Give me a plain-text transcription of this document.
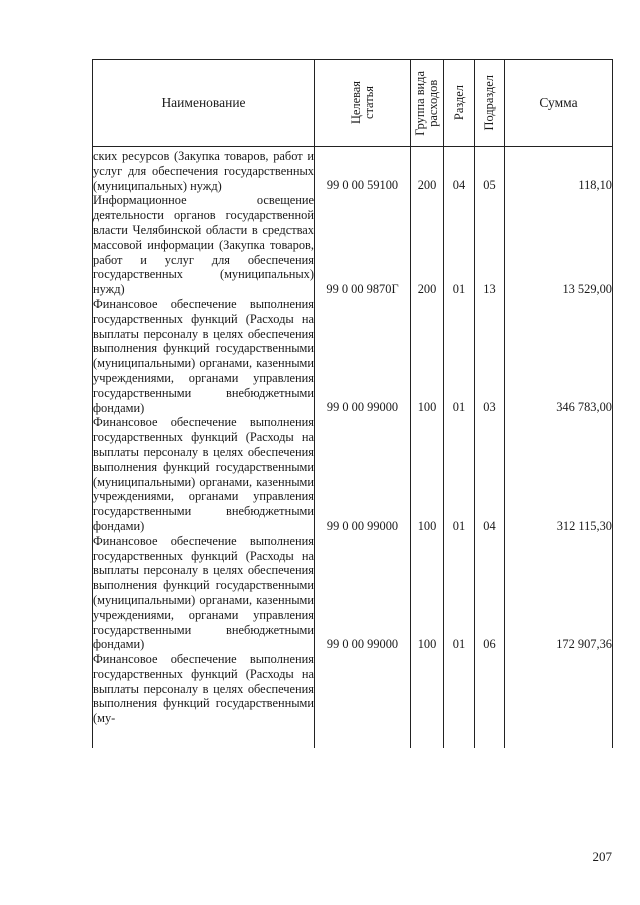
Наименование	Целевая статья	Группа вида расходов	Раздел	Подраздел	Сумма

ских ресурсов (Закупка товаров, работ и услуг для обеспечения государственных (муниципальных) нужд)	99 0 00 59100	200	04	05	118,10

Информационное освещение деятельности органов государственной власти Челябинской области в средствах массовой информации (Закупка товаров, работ и услуг для обеспечения государственных (муниципальных) нужд)	99 0 00 9870Г	200	01	13	13 529,00

Финансовое обеспечение выполнения государственных функций (Расходы на выплаты персоналу в целях обеспечения выполнения функций государственными (муниципальными) органами, казенными учреждениями, органами управления государственными внебюджетными фондами)	99 0 00 99000	100	01	03	346 783,00

Финансовое обеспечение выполнения государственных функций (Расходы на выплаты персоналу в целях обеспечения выполнения функций государственными (муниципальными) органами, казенными учреждениями, органами управления государственными внебюджетными фондами)	99 0 00 99000	100	01	04	312 115,30

Финансовое обеспечение выполнения государственных функций (Расходы на выплаты персоналу в целях обеспечения выполнения функций государственными (муниципальными) органами, казенными учреждениями, органами управления государственными внебюджетными фондами)	99 0 00 99000	100	01	06	172 907,36

Финансовое обеспечение выполнения государственных функций (Расходы на выплаты персоналу в целях обеспечения выполнения функций государственными (му-					

207
